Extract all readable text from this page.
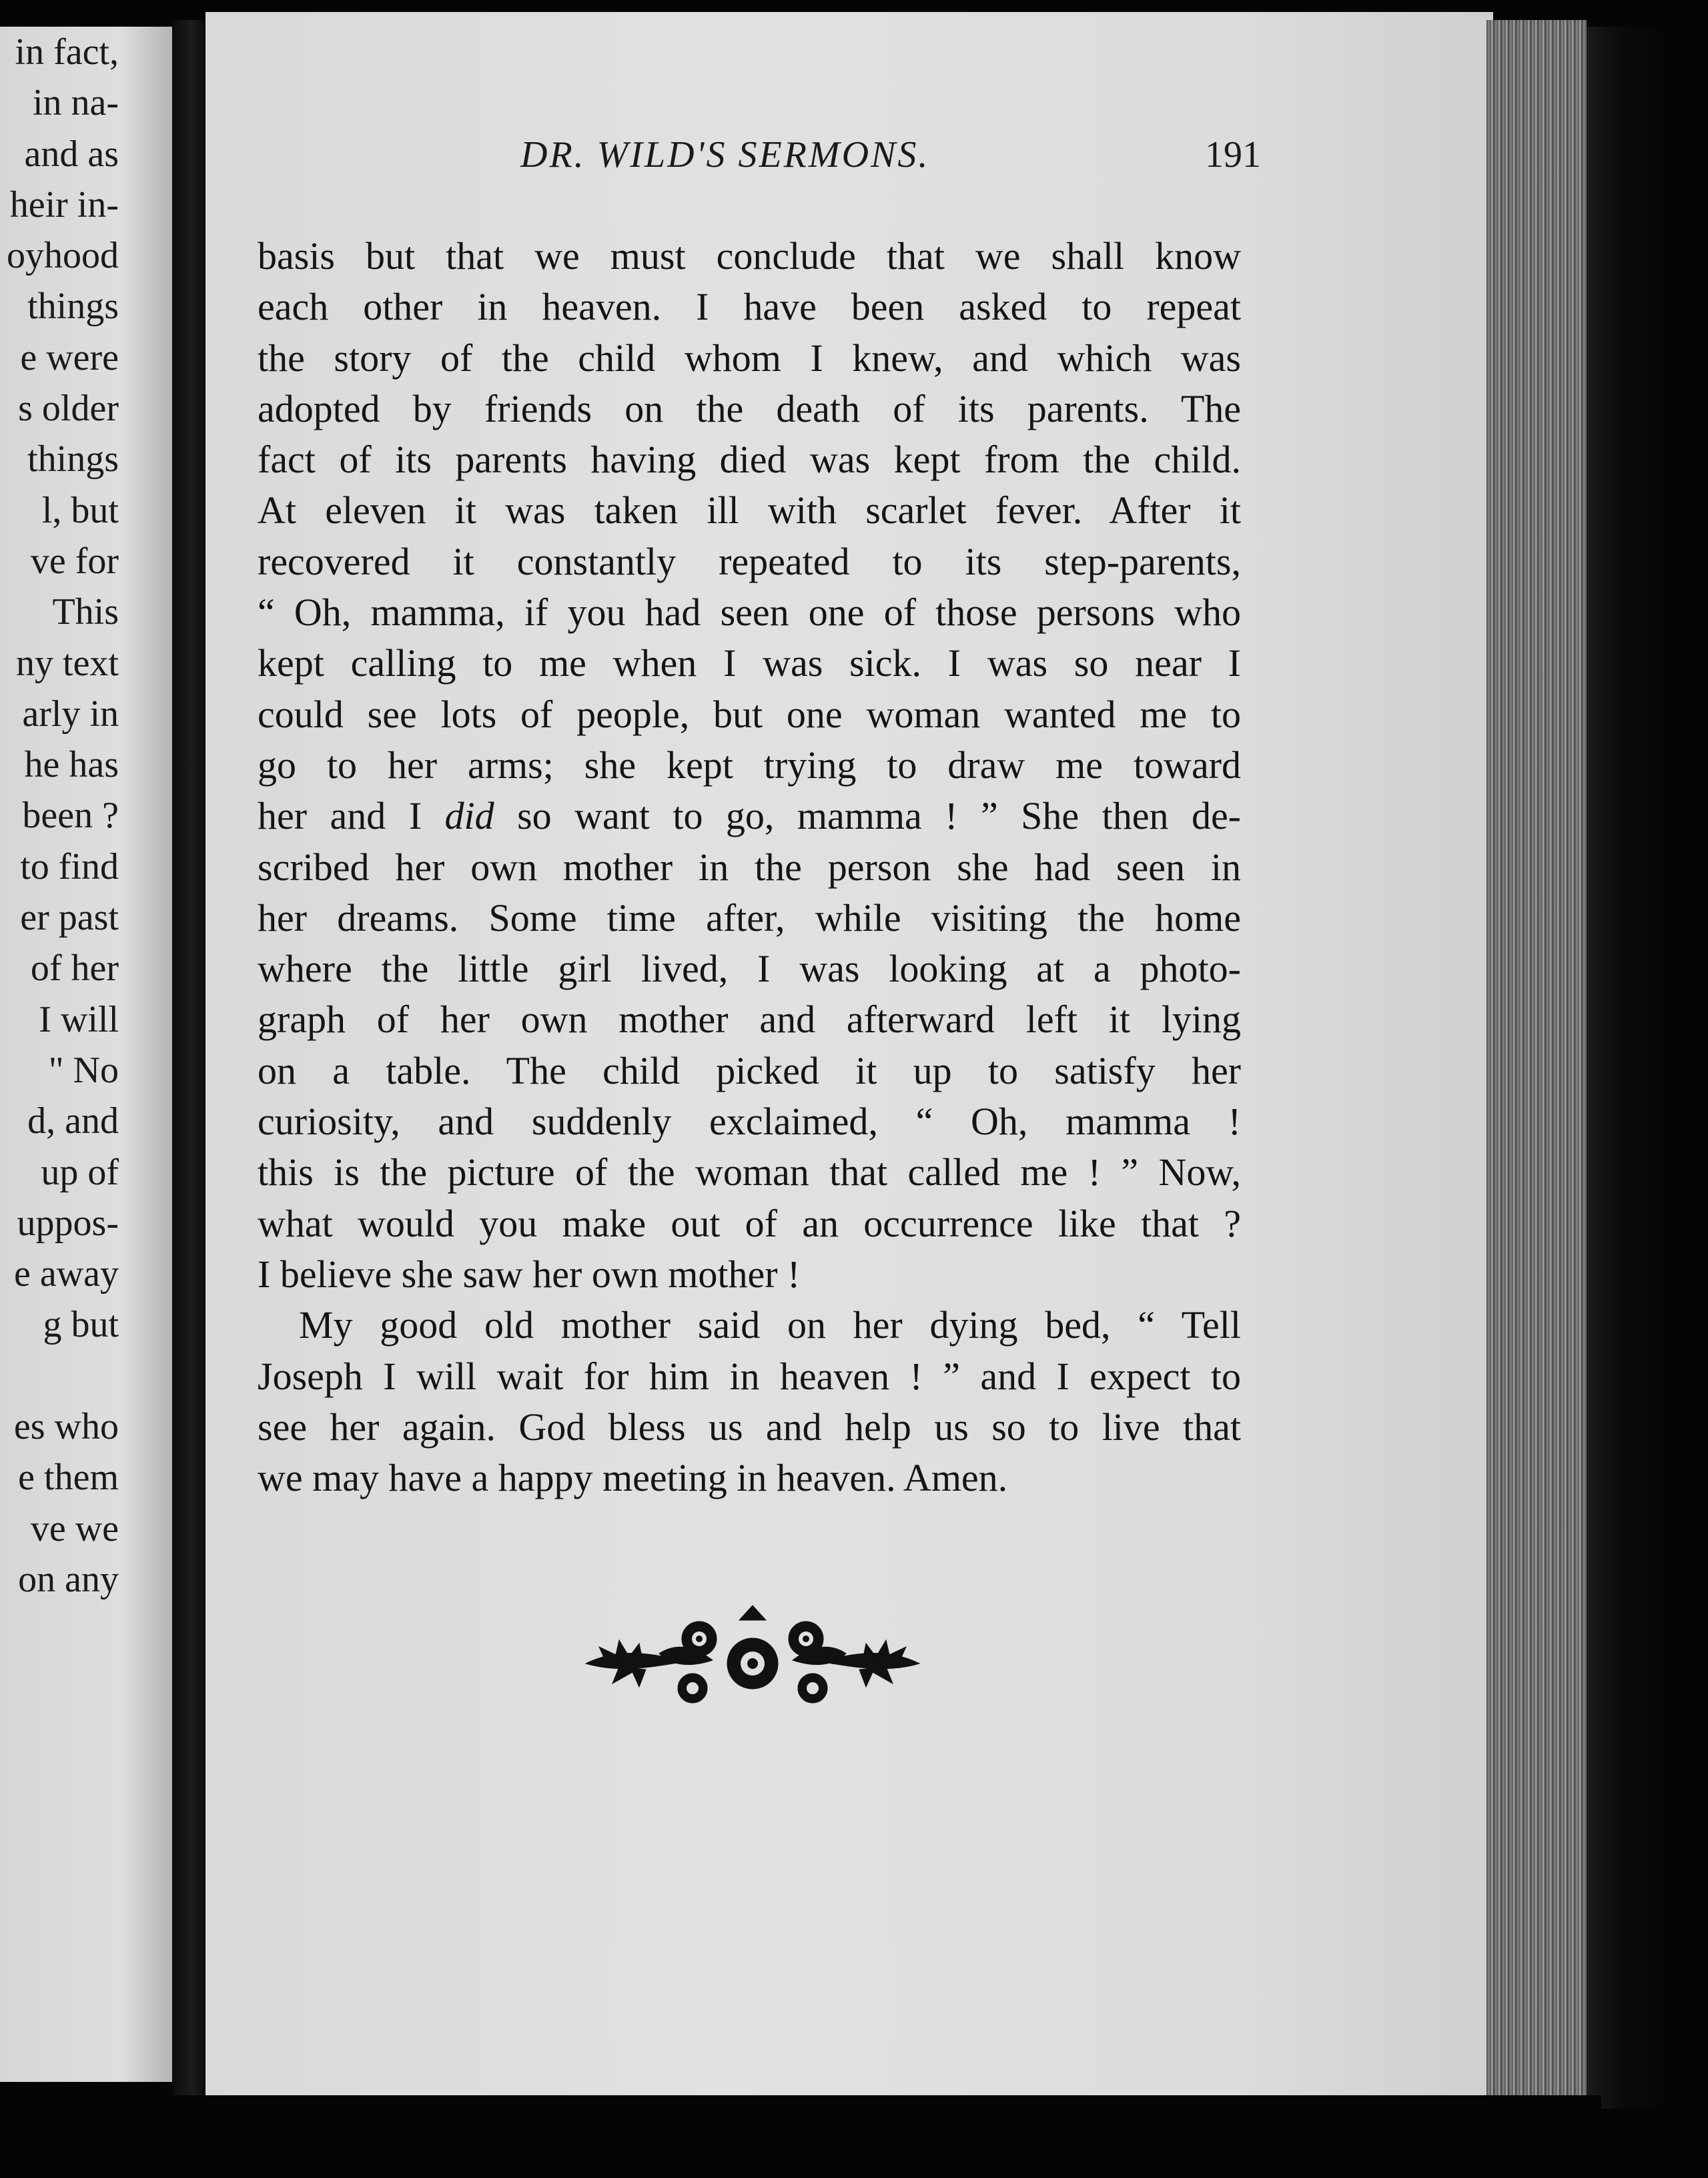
in fact,
in na-
and as
heir in-
oyhood
things
e were
s older
things
l, but
ve for
This
ny text
arly in
he has
been ?
to find
er past
of her
I will
" No
d, and
up of
uppos-
e away
g but
es who
e them
ve we
on any
DR. WILD'S SERMONS.	191
basis but that we must conclude that we shall know
each other in heaven. I have been asked to repeat
the story of the child whom I knew, and which was
adopted by friends on the death of its parents. The
fact of its parents having died was kept from the child.
At eleven it was taken ill with scarlet fever. After it
recovered it constantly repeated to its step-parents,
“ Oh, mamma, if you had seen one of those persons who
kept calling to me when I was sick. I was so near I
could see lots of people, but one woman wanted me to
go to her arms; she kept trying to draw me toward
her and I did so want to go, mamma ! ” She then de-
scribed her own mother in the person she had seen in
her dreams. Some time after, while visiting the home
where the little girl lived, I was looking at a photo-
graph of her own mother and afterward left it lying
on a table. The child picked it up to satisfy her
curiosity, and suddenly exclaimed, “ Oh, mamma !
this is the picture of the woman that called me ! ” Now,
what would you make out of an occurrence like that ?
I believe she saw her own mother !
My good old mother said on her dying bed, “ Tell
Joseph I will wait for him in heaven ! ” and I expect to
see her again. God bless us and help us so to live that
we may have a happy meeting in heaven. Amen.
